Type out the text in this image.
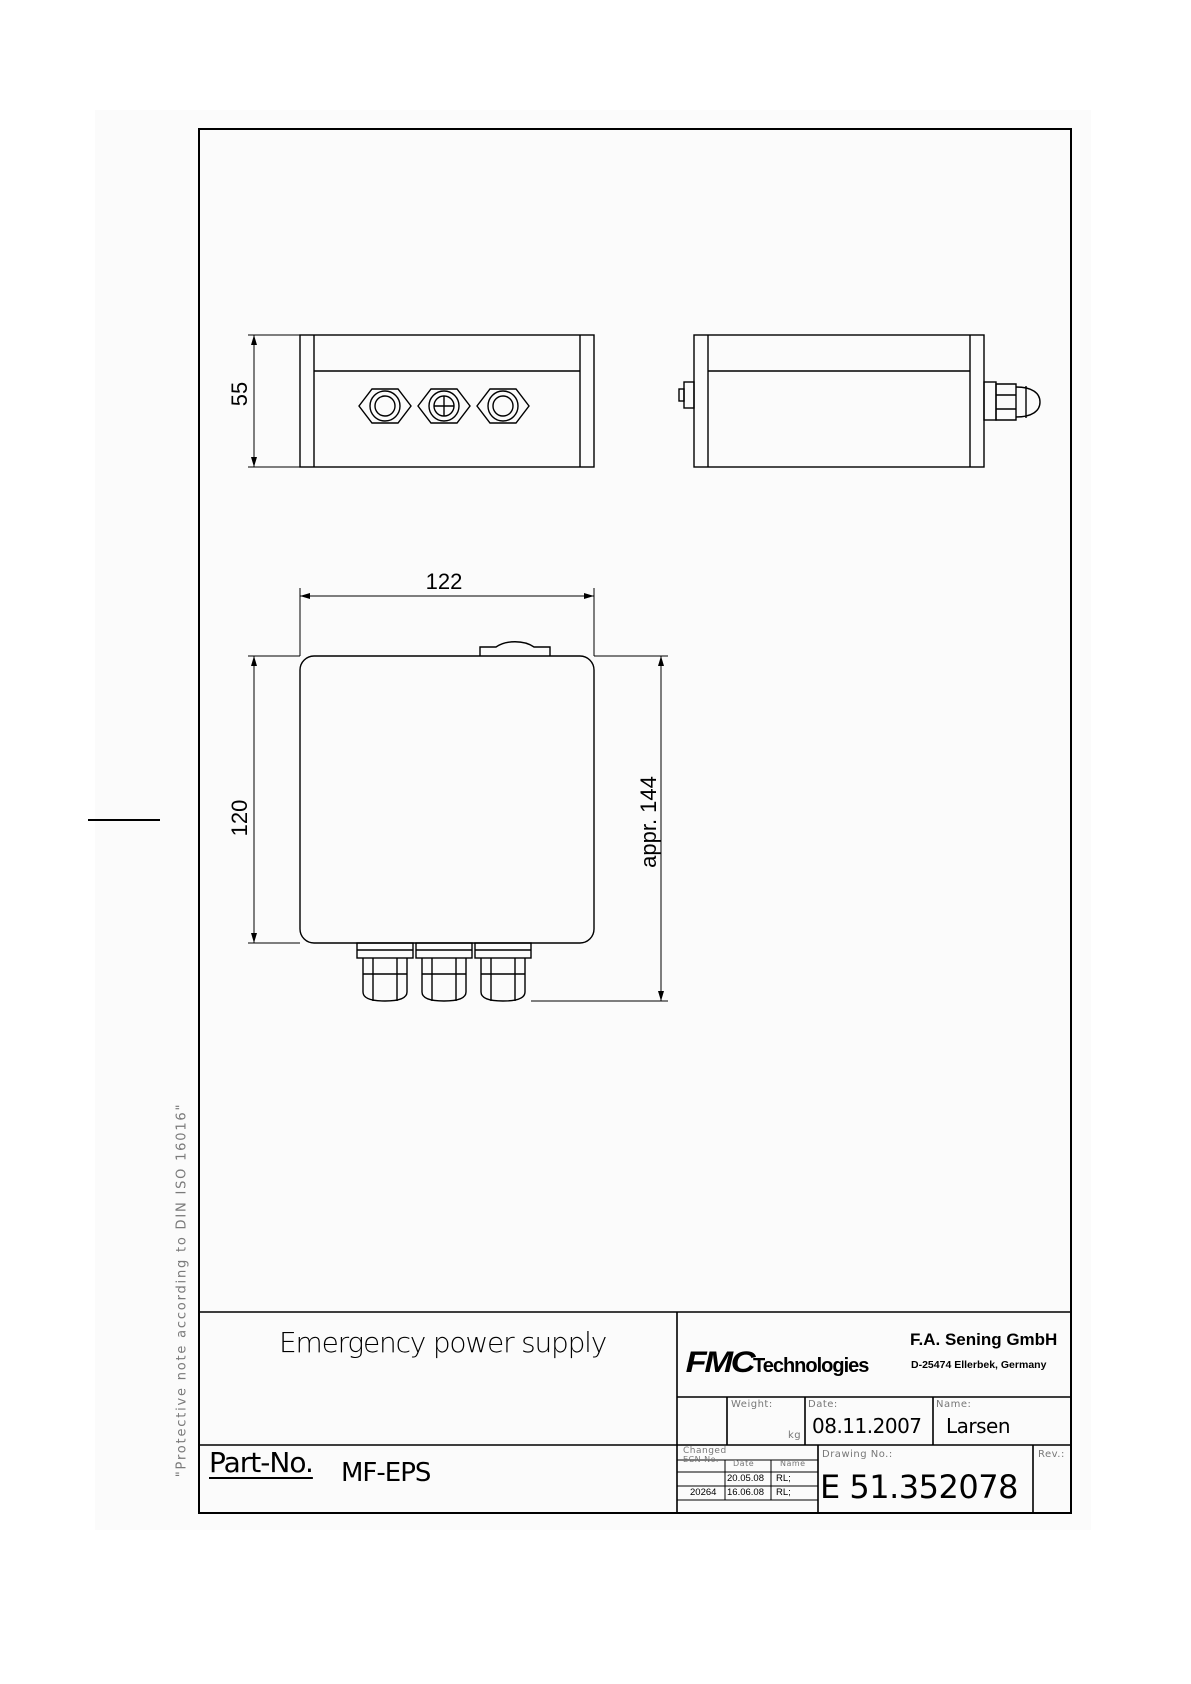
"Protective note according to DIN ISO 16016"
55
122
120	appr. 144
Emergency power supply
Part-No. MF-EPS
FMCTechnologies
F.A. Sening GmbH
D-25474 Ellerbek, Germany
Weight:
kg
Date:
08.11.2007
Name:
Larsen
Changed
ECN No. Date	Name
20.05.08 RL;
20264 16.06.08 RL;
Drawing No.:
E 51.352078
Rev.:
